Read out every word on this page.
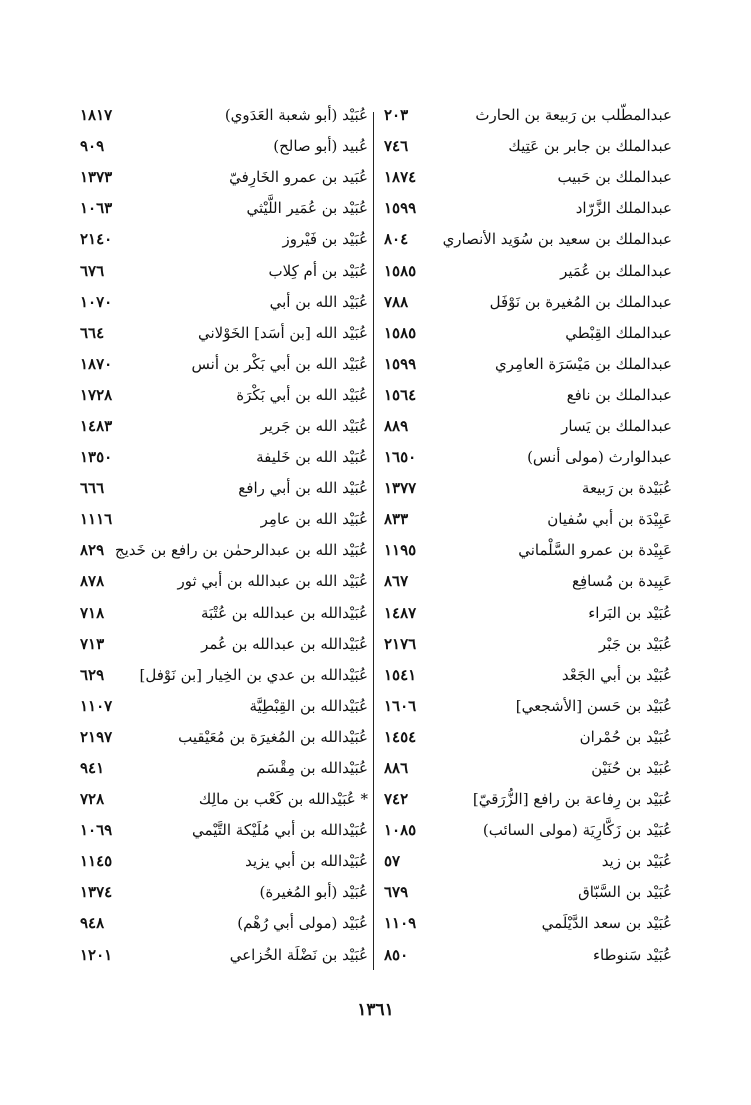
عبدالمطّلب بن رَبيعة بن الحارث
٢٠٣
عبدالملك بن جابر بن عَتِيك
٧٤٦
عبدالملك بن حَبيب
١٨٧٤
عبدالملك الزَّرّاد
١٥٩٩
عبدالملك بن سعيد بن سُوَيد الأنصاري
٨٠٤
عبدالملك بن عُمَير
١٥٨٥
عبدالملك بن المُغيرة بن نَوْفَل
٧٨٨
عبدالملك القِبْطي
١٥٨٥
عبدالملك بن مَيْسَرَة العامِري
١٥٩٩
عبدالملك بن نافع
١٥٦٤
عبدالملك بن يَسار
٨٨٩
عبدالوارث (مولى أنس)
١٦٥٠
عُبَيْدة بن رَبيعة
١٣٧٧
عَبِيْدَة بن أبي سُفيان
٨٣٣
عَبِيْدة بن عمرو السَّلْماني
١١٩٥
عَبِيدة بن مُسافِع
٨٦٧
عُبَيْد بن البَراء
١٤٨٧
عُبَيْد بن جَبْر
٢١٧٦
عُبَيْد بن أبي الجَعْد
١٥٤١
عُبَيْد بن حَسن [الأشجعي]
١٦٠٦
عُبَيْد بن حُمْران
١٤٥٤
عُبَيْد بن حُنَيْن
٨٨٦
عُبَيْد بن رِفاعة بن رافع [الزُّرَقيّ]
٧٤٢
عُبَيْد بن زَكَّارِيَة (مولى السائب)
١٠٨٥
عُبَيْد بن زيد
٥٧
عُبَيْد بن السَّبّاق
٦٧٩
عُبَيْد بن سعد الدَّيْلَمي
١١٠٩
عُبَيْد سَنوطاء
٨٥٠
عُبَيْد (أبو شعبة العَدَوي)
١٨١٧
عُبيد (أبو صالح)
٩٠٩
عُبَيد بن عمرو الخَارِفيّ
١٣٧٣
عُبَيْد بن عُمَير اللَّيْثي
١٠٦٣
عُبَيْد بن فَيْروز
٢١٤٠
عُبَيْد بن أم كِلاب
٦٧٦
عُبَيْد الله بن أبي
١٠٧٠
عُبَيْد الله [بن أسَد] الخَوْلاني
٦٦٤
عُبَيْد الله بن أبي بَكْر بن أنس
١٨٧٠
عُبَيْد الله بن أبي بَكْرَة
١٧٢٨
عُبَيْد الله بن جَرير
١٤٨٣
عُبَيْد الله بن خَليفة
١٣٥٠
عُبَيْد الله بن أبي رافع
٦٦٦
عُبَيْد الله بن عامِر
١١١٦
عُبَيْد الله بن عبدالرحمٰن بن رافع بن خَديج
٨٢٩
عُبَيْد الله بن عبدالله بن أبي ثور
٨٧٨
عُبَيْدالله بن عبدالله بن عُتْبَة
٧١٨
عُبَيْدالله بن عبدالله بن عُمر
٧١٣
عُبَيْدالله بن عدي بن الخِيار [بن نَوْفل]
٦٢٩
عُبَيْدالله بن القِبْطِيَّة
١١٠٧
عُبَيْدالله بن المُغيرَة بن مُعَيْقيب
٢١٩٧
عُبَيْدالله بن مِقْسَم
٩٤١
* عُبَيْدالله بن كَعْب بن مالِك
٧٢٨
عُبَيْدالله بن أبي مُلَيْكة التَّيْمي
١٠٦٩
عُبَيْدالله بن أبي يزيد
١١٤٥
عُبَيْد (أبو المُغيرة)
١٣٧٤
عُبَيْد (مولى أبي رُهْم)
٩٤٨
عُبَيْد بن نَضْلَة الخُزاعي
١٢٠١
١٣٦١
